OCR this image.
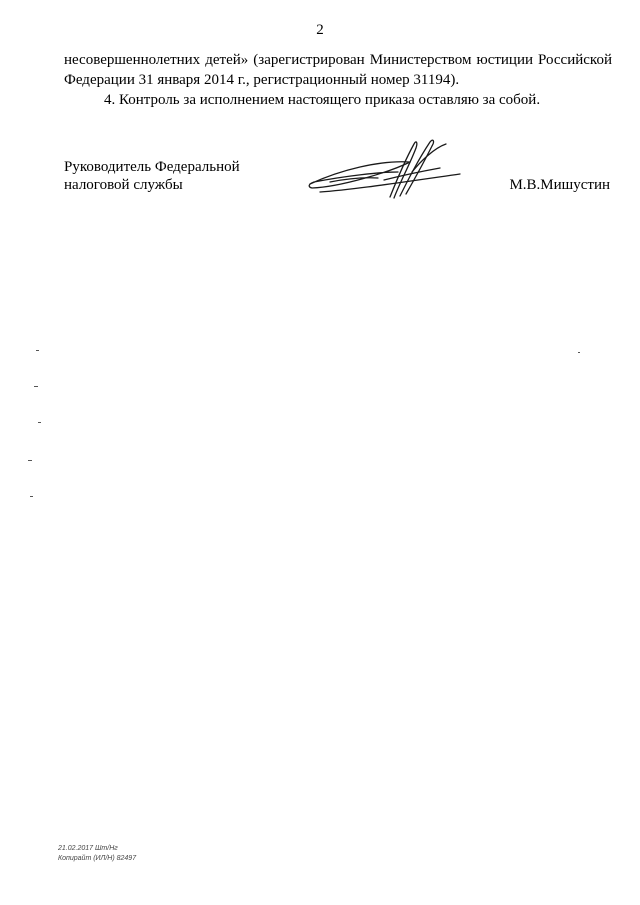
2

несовершеннолетних детей» (зарегистрирован Министерством юстиции Российской Федерации 31 января 2014 г., регистрационный номер 31194).

4. Контроль за исполнением настоящего приказа оставляю за собой.

Руководитель Федеральной
налоговой службы	М.В.Мишустин
21.02.2017 Шт/Нг
Копирайт (ИЛ/Н) 82497
